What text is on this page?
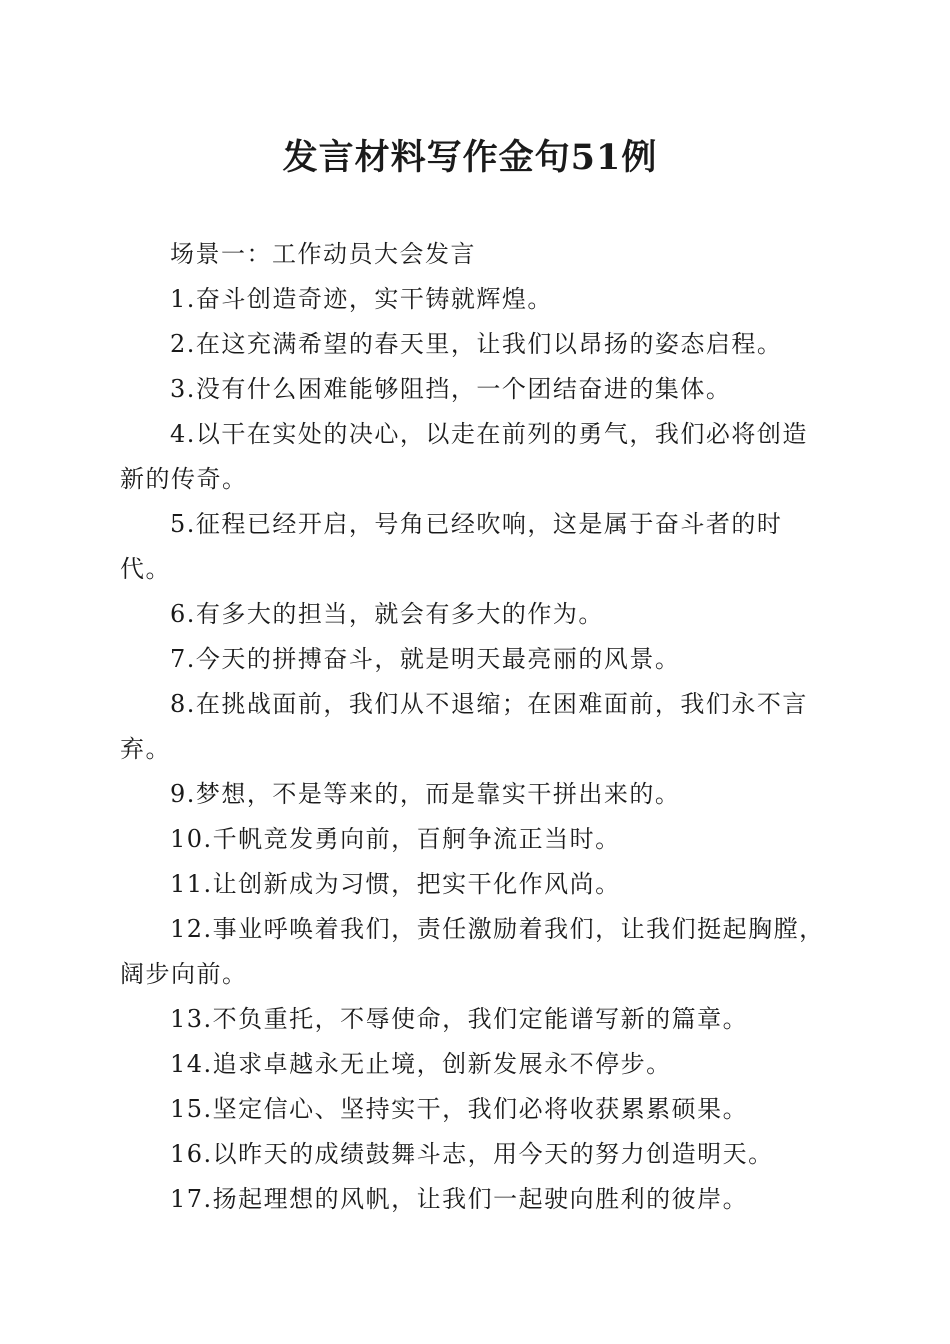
发言材料写作金句51例

场景一：工作动员大会发言

1.奋斗创造奇迹，实干铸就辉煌。

2.在这充满希望的春天里，让我们以昂扬的姿态启程。

3.没有什么困难能够阻挡，一个团结奋进的集体。

4.以干在实处的决心，以走在前列的勇气，我们必将创造新的传奇。

5.征程已经开启，号角已经吹响，这是属于奋斗者的时代。

6.有多大的担当，就会有多大的作为。

7.今天的拼搏奋斗，就是明天最亮丽的风景。

8.在挑战面前，我们从不退缩；在困难面前，我们永不言弃。

9.梦想，不是等来的，而是靠实干拼出来的。

10.千帆竞发勇向前，百舸争流正当时。

11.让创新成为习惯，把实干化作风尚。

12.事业呼唤着我们，责任激励着我们，让我们挺起胸膛，阔步向前。

13.不负重托，不辱使命，我们定能谱写新的篇章。

14.追求卓越永无止境，创新发展永不停步。

15.坚定信心、坚持实干，我们必将收获累累硕果。

16.以昨天的成绩鼓舞斗志，用今天的努力创造明天。

17.扬起理想的风帆，让我们一起驶向胜利的彼岸。
